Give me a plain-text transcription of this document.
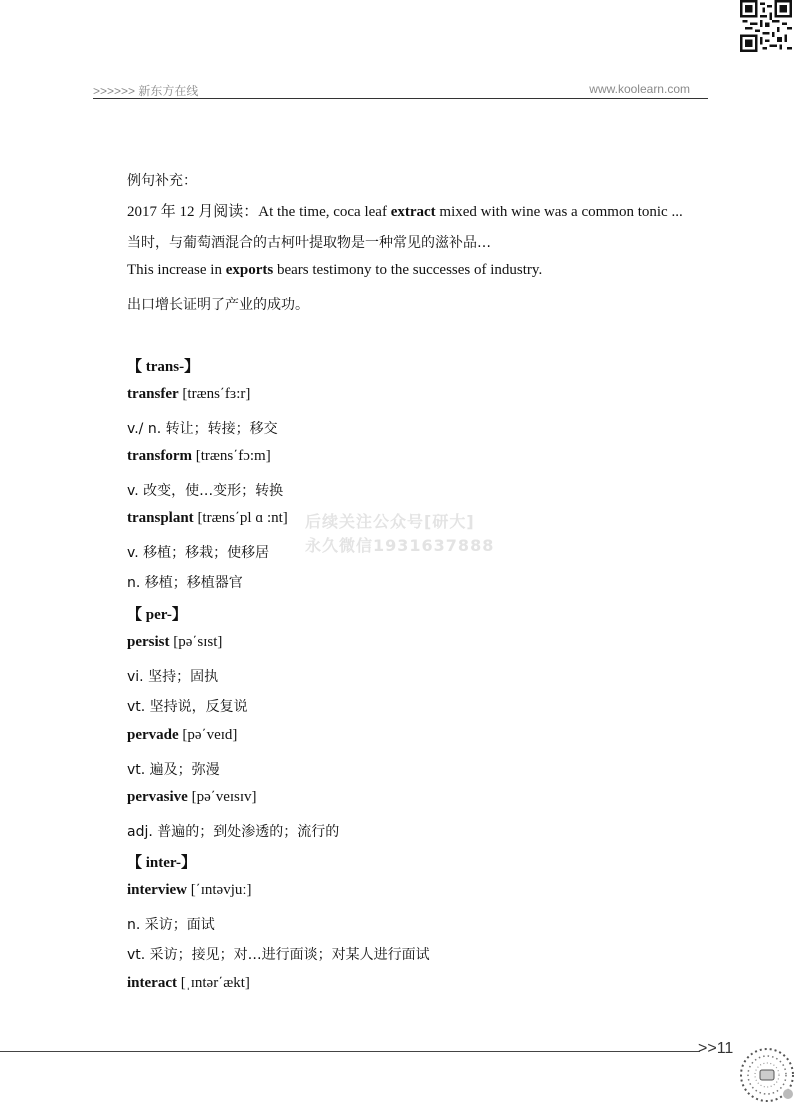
>>>>>> 新东方在线	www.koolearn.com
例句补充：
2017 年 12 月阅读：At the time, coca leaf extract mixed with wine was a common tonic ...
当时，与葡萄酒混合的古柯叶提取物是一种常见的滋补品…
This increase in exports bears testimony to the successes of industry.
出口增长证明了产业的成功。
【 trans-】
transfer [træns΄fɜ:r]
v./ n. 转让；转接；移交
transform [træns΄fɔ:m]
v. 改变，使…变形；转换
transplant [træns΄pl ɑ :nt]
v. 移植；移栽；使移居
n. 移植；移植器官
【 per-】
persist [pə΄sɪst]
vi. 坚持；固执
vt. 坚持说，反复说
pervade [pə΄veɪd]
vt. 遍及；弥漫
pervasive [pə΄veɪsɪv]
adj. 普遍的；到处渗透的；流行的
【 inter-】
interview [΄ɪntəvjuː]
n. 采访；面试
vt. 采访；接见；对…进行面谈；对某人进行面试
interact [ˌɪntər΄ækt]
后续关注公众号[研大]
永久微信1931637888
>>11
